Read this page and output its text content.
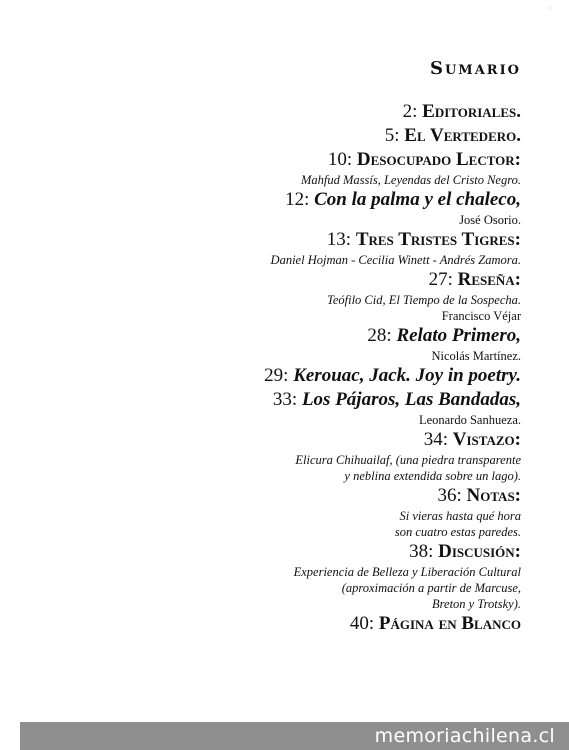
·
Sumario
2: Editoriales.
5: El Vertedero.
10: Desocupado Lector:
Mahfud Massís, Leyendas del Cristo Negro.
12: Con la palma y el chaleco,
José Osorio.
13: Tres Tristes Tigres:
Daniel Hojman - Cecilia Winett - Andrés Zamora.
27: Reseña:
Teófilo Cid, El Tiempo de la Sospecha.
Francisco Véjar
28: Relato Primero,
Nicolás Martínez.
29: Kerouac, Jack. Joy in poetry.
33: Los Pájaros, Las Bandadas,
Leonardo Sanhueza.
34: Vistazo:
Elicura Chihuailaf, (una piedra transparente
y neblina extendida sobre un lago).
36: Notas:
Si vieras hasta qué hora
son cuatro estas paredes.
38: Discusión:
Experiencia de Belleza y Liberación Cultural
(aproximación a partir de Marcuse,
Breton y Trotsky).
40: Página en Blanco
memoriachilena.cl
